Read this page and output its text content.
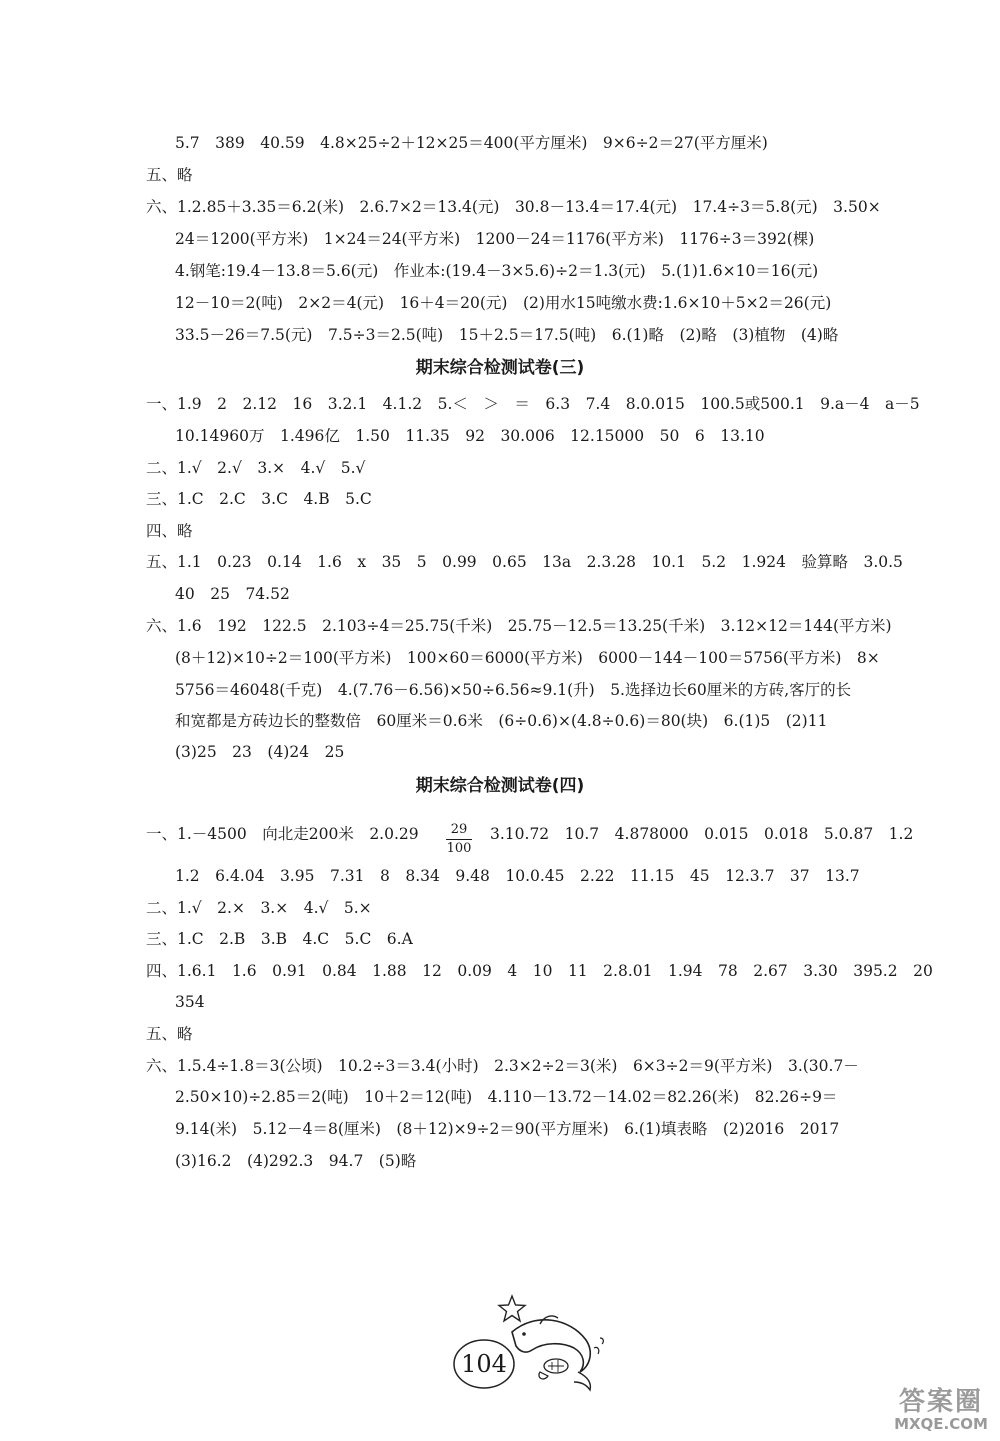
5.7　389　40.59　4.8×25÷2＋12×25＝400(平方厘米)　9×6÷2＝27(平方厘米)
五、略
六、1.2.85＋3.35＝6.2(米)　2.6.7×2＝13.4(元)　30.8－13.4＝17.4(元)　17.4÷3＝5.8(元)　3.50×
24＝1200(平方米)　1×24＝24(平方米)　1200－24＝1176(平方米)　1176÷3＝392(棵)
4.钢笔:19.4－13.8＝5.6(元)　作业本:(19.4－3×5.6)÷2＝1.3(元)　5.(1)1.6×10＝16(元)
12－10＝2(吨)　2×2＝4(元)　16＋4＝20(元)　(2)用水15吨缴水费:1.6×10＋5×2＝26(元)
33.5－26＝7.5(元)　7.5÷3＝2.5(吨)　15＋2.5＝17.5(吨)　6.(1)略　(2)略　(3)植物　(4)略
期末综合检测试卷(三)
一、1.9　2　2.12　16　3.2.1　4.1.2　5.＜　＞　＝　6.3　7.4　8.0.015　100.5或500.1　9.a－4　a－5
10.14960万　1.496亿　1.50　11.35　92　30.006　12.15000　50　6　13.10
二、1.√　2.√　3.×　4.√　5.√
三、1.C　2.C　3.C　4.B　5.C
四、略
五、1.1　0.23　0.14　1.6　x　35　5　0.99　0.65　13a　2.3.28　10.1　5.2　1.924　验算略　3.0.5
40　25　74.52
六、1.6　192　122.5　2.103÷4＝25.75(千米)　25.75－12.5＝13.25(千米)　3.12×12＝144(平方米)
(8＋12)×10÷2＝100(平方米)　100×60＝6000(平方米)　6000－144－100＝5756(平方米)　8×
5756＝46048(千克)　4.(7.76－6.56)×50÷6.56≈9.1(升)　5.选择边长60厘米的方砖,客厅的长
和宽都是方砖边长的整数倍　60厘米＝0.6米　(6÷0.6)×(4.8÷0.6)＝80(块)　6.(1)5　(2)11
(3)25　23　(4)24　25
期末综合检测试卷(四)
一、1.－4500　向北走200米　2.0.29	29
100
3.10.72　10.7　4.878000　0.015　0.018　5.0.87　1.2
1.2　6.4.04　3.95　7.31　8　8.34　9.48　10.0.45　2.22　11.15　45　12.3.7　37　13.7
二、1.√　2.×　3.×　4.√　5.×
三、1.C　2.B　3.B　4.C　5.C　6.A
四、1.6.1　1.6　0.91　0.84　1.88　12　0.09　4　10　11　2.8.01　1.94　78　2.67　3.30　395.2　20
354
五、略
六、1.5.4÷1.8＝3(公顷)　10.2÷3＝3.4(小时)　2.3×2÷2＝3(米)　6×3÷2＝9(平方米)　3.(30.7－
2.50×10)÷2.85＝2(吨)　10＋2＝12(吨)　4.110－13.72－14.02＝82.26(米)　82.26÷9＝
9.14(米)　5.12－4＝8(厘米)　(8＋12)×9÷2＝90(平方厘米)　6.(1)填表略　(2)2016　2017
(3)16.2　(4)292.3　94.7　(5)略
104
答案圈
MXQE.COM
